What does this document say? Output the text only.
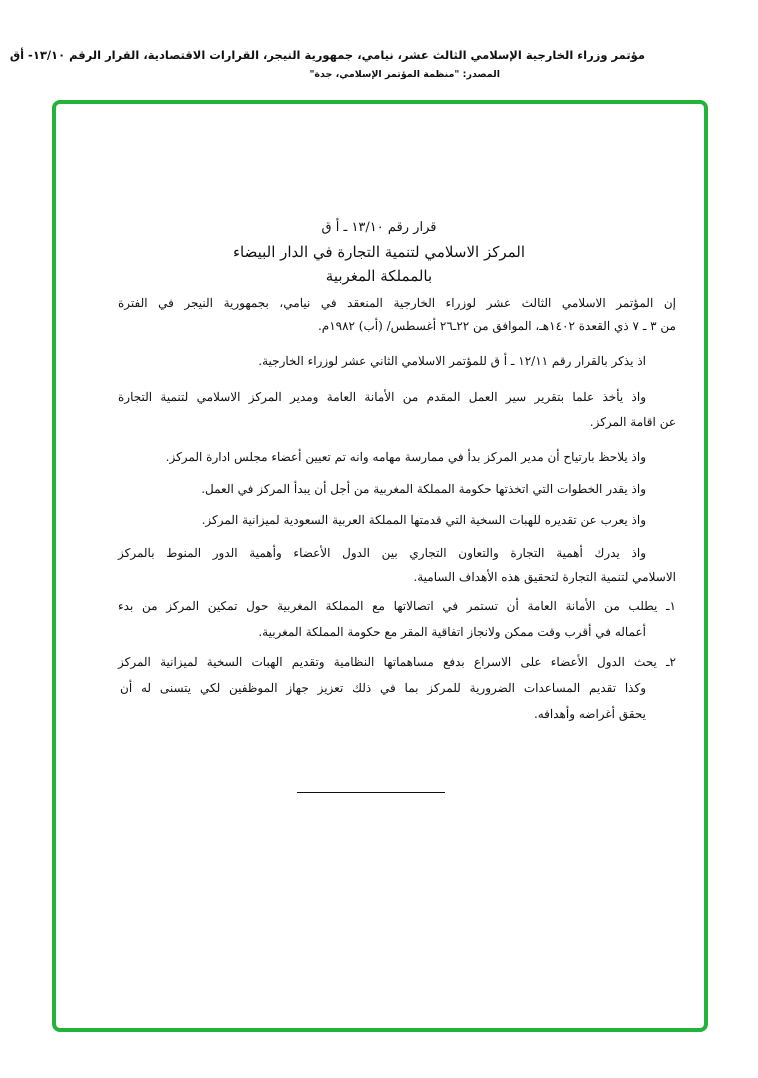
مؤتمر وزراء الخارجية الإسلامي الثالث عشر، نيامي، جمهورية النيجر، القرارات الاقتصادية، القرار الرقم ١٣/١٠- أق
المصدر: "منظمة المؤتمر الإسلامي، جدة"
قرار رقم ١٣/١٠ ـ أ ق
المركز الاسلامي لتنمية التجارة في الدار البيضاء
بالمملكة المغربية
إن المؤتمر الاسلامي الثالث عشر لوزراء الخارجية المنعقد في نيامي، بجمهورية النيجر في الفترة
من ٣ ـ ٧ ذي القعدة ١٤٠٢هـ، الموافق من ٢٢ـ٢٦ أغسطس/ (أب) ١٩٨٢م.
اذ يذكر بالقرار رقم ١٢/١١ ـ أ ق للمؤتمر الاسلامي الثاني عشر لوزراء الخارجية.
واذ يأخذ علما بتقرير سير العمل المقدم من الأمانة العامة ومدير المركز الاسلامي لتنمية التجارة
عن اقامة المركز.
واذ يلاحظ بارتياح أن مدير المركز بدأ في ممارسة مهامه وانه تم تعيين أعضاء مجلس ادارة المركز.
واذ يقدر الخطوات التي اتخذتها حكومة المملكة المغربية من أجل أن يبدأ المركز في العمل.
واذ يعرب عن تقديره للهبات السخية التي قدمتها المملكة العربية السعودية لميزانية المركز.
واذ يدرك أهمية التجارة والتعاون التجاري بين الدول الأعضاء وأهمية الدور المنوط بالمركز
الاسلامي لتنمية التجارة لتحقيق هذه الأهداف السامية.
١ـ يطلب من الأمانة العامة أن تستمر في اتصالاتها مع المملكة المغربية حول تمكين المركز من بدء
أعماله في أقرب وقت ممكن ولانجاز اتفاقية المقر مع حكومة المملكة المغربية.
٢ـ يحث الدول الأعضاء على الاسراع بدفع مساهماتها النظامية وتقديم الهبات السخية لميزانية المركز
وكذا تقديم المساعدات الضرورية للمركز بما في ذلك تعزيز جهاز الموظفين لكي يتسنى له أن
يحقق أغراضه وأهدافه.
